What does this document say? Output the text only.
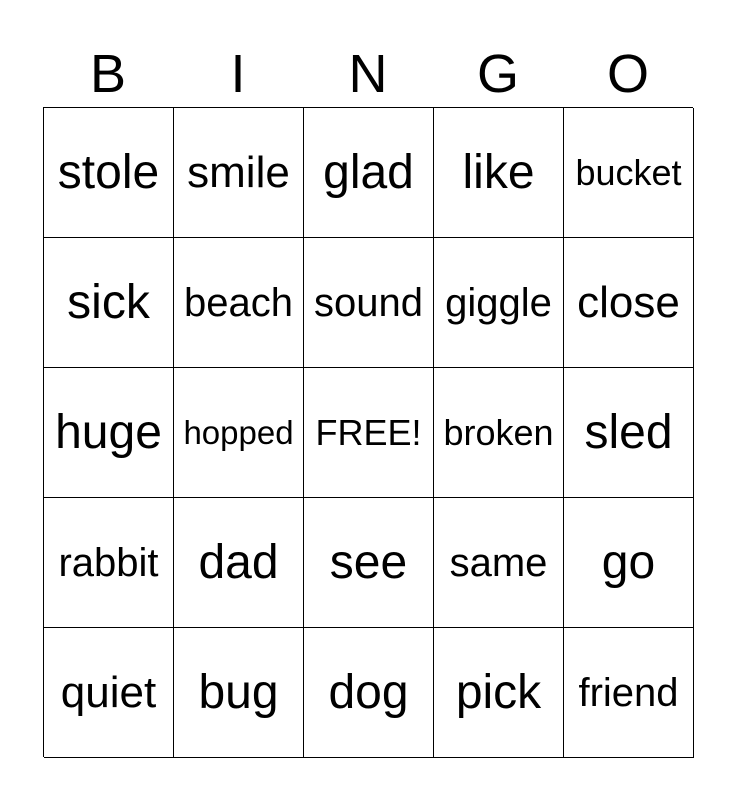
B	I	N	G	O
stole smile glad like bucket
sick beach sound giggle close
huge hopped FREE! broken sled
rabbit dad see same go
quiet bug dog pick friend
